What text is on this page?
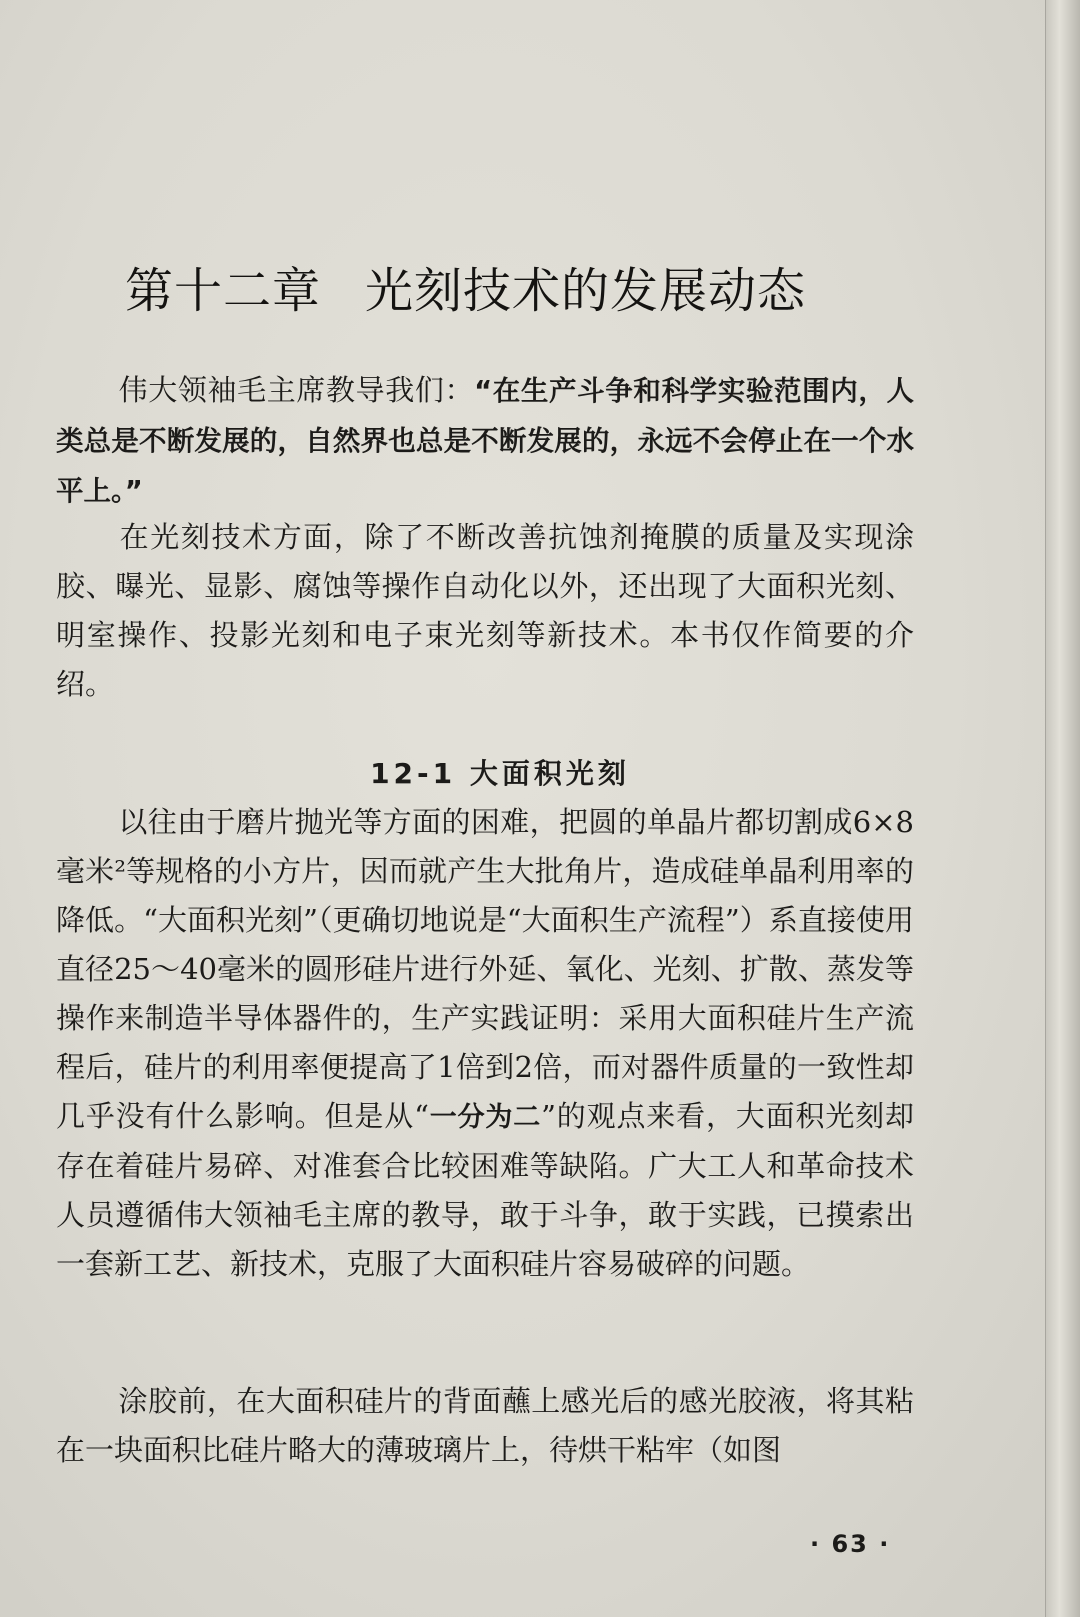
第十二章 光刻技术的发展动态

伟大领袖毛主席教导我们：“在生产斗争和科学实验范围内，人类总是不断发展的，自然界也总是不断发展的，永远不会停止在一个水平上。”

在光刻技术方面，除了不断改善抗蚀剂掩膜的质量及实现涂胶、曝光、显影、腐蚀等操作自动化以外，还出现了大面积光刻、明室操作、投影光刻和电子束光刻等新技术。本书仅作简要的介绍。

12-1 大面积光刻

以往由于磨片抛光等方面的困难，把圆的单晶片都切割成6×8毫米²等规格的小方片，因而就产生大批角片，造成硅单晶利用率的降低。“大面积光刻”（更确切地说是“大面积生产流程”）系直接使用直径25～40毫米的圆形硅片进行外延、氧化、光刻、扩散、蒸发等操作来制造半导体器件的，生产实践证明：采用大面积硅片生产流程后，硅片的利用率便提高了1倍到2倍，而对器件质量的一致性却几乎没有什么影响。但是从“一分为二”的观点来看，大面积光刻却存在着硅片易碎、对准套合比较困难等缺陷。广大工人和革命技术人员遵循伟大领袖毛主席的教导，敢于斗争，敢于实践，已摸索出一套新工艺、新技术，克服了大面积硅片容易破碎的问题。

涂胶前，在大面积硅片的背面蘸上感光后的感光胶液，将其粘在一块面积比硅片略大的薄玻璃片上，待烘干粘牢（如图

· 63 ·
